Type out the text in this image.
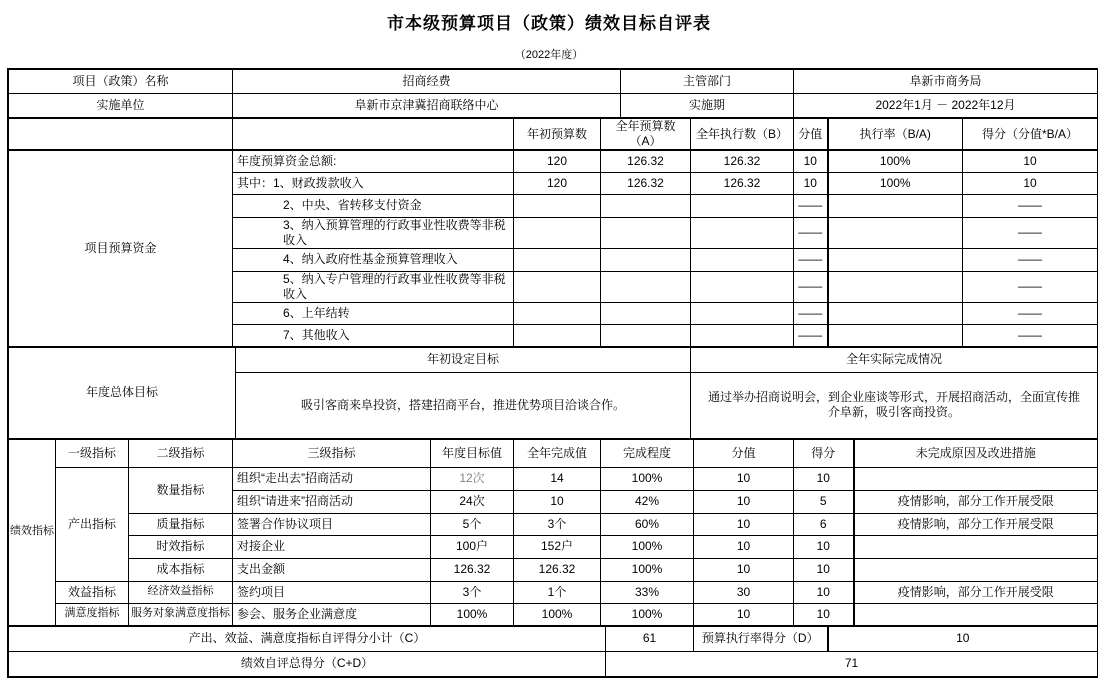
市本级预算项目（政策）绩效目标自评表
（2022年度）
项目（政策）名称	招商经费	主管部门	阜新市商务局
实施单位	阜新市京津冀招商联络中心	实施期	2022年1月 － 2022年12月
		年初预算数	全年预算数（A）	全年执行数（B）	分值	执行率（B/A)	得分（分值*B/A）
项目预算资金	年度预算资金总额:	120	126.32	126.32	10	100%	10
	其中：1、财政拨款收入	120	126.32	126.32	10	100%	10
	2、中央、省转移支付资金				——		——
	3、纳入预算管理的行政事业性收费等非税收入				——		——
	4、纳入政府性基金预算管理收入				——		——
	5、纳入专户管理的行政事业性收费等非税收入				——		——
	6、上年结转				——		——
	7、其他收入				——		——
年度总体目标	年初设定目标	全年实际完成情况
	吸引客商来阜投资，搭建招商平台，推进优势项目洽谈合作。	通过举办招商说明会，到企业座谈等形式，开展招商活动，全面宣传推介阜新，吸引客商投资。
绩效指标	一级指标	二级指标	三级指标	年度目标值	全年完成值	完成程度	分值	得分	未完成原因及改进措施
	产出指标	数量指标	组织“走出去”招商活动	12次	14	100%	10	10	
			组织“请进来”招商活动	24次	10	42%	10	5	疫情影响，部分工作开展受限
		质量指标	签署合作协议项目	5个	3个	60%	10	6	疫情影响，部分工作开展受限
		时效指标	对接企业	100户	152户	100%	10	10	
		成本指标	支出金额	126.32	126.32	100%	10	10	
	效益指标	经济效益指标	签约项目	3个	1个	33%	30	10	疫情影响，部分工作开展受限
	满意度指标	服务对象满意度指标	参会、服务企业满意度	100%	100%	100%	10	10	
产出、效益、满意度指标自评得分小计（C）	61	预算执行率得分（D）	10
绩效自评总得分（C+D）	71		
